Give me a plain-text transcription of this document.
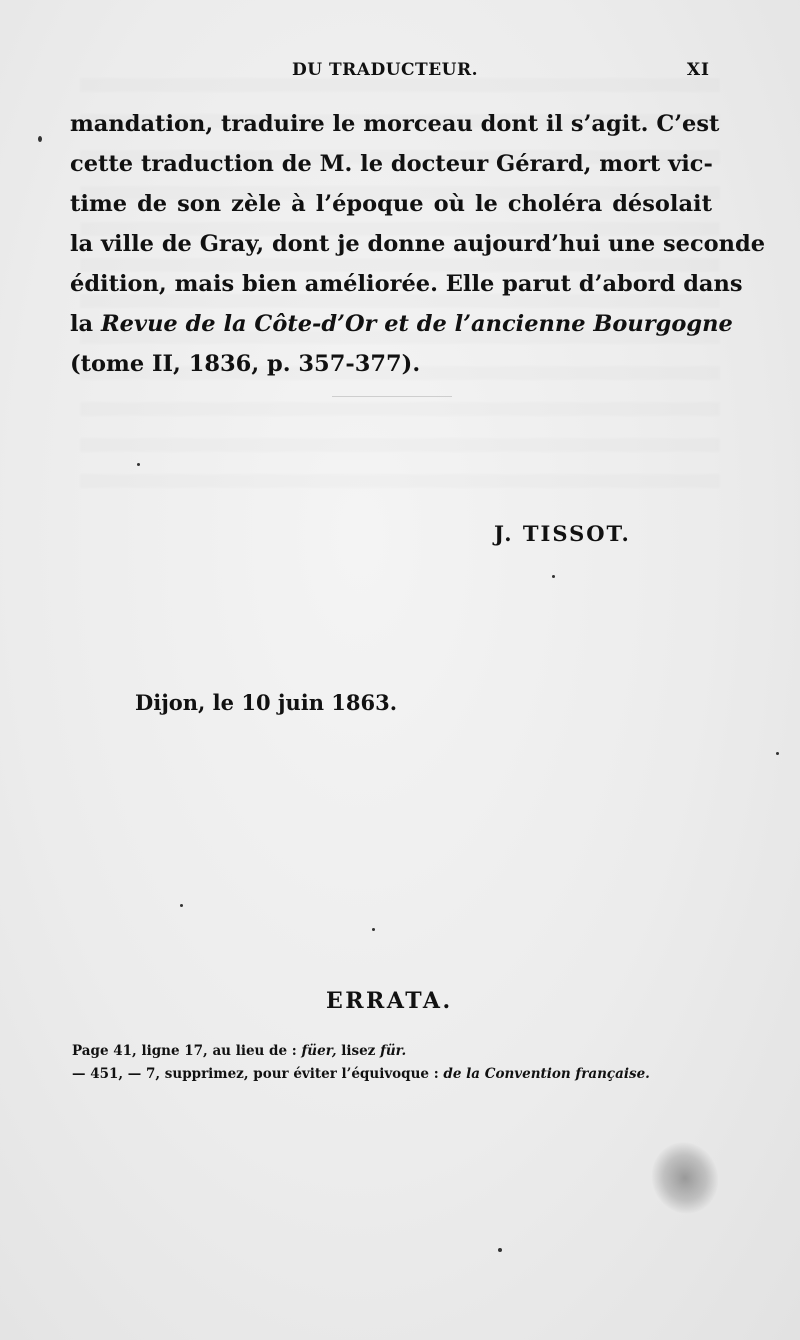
DU TRADUCTEUR.	XI
mandation, traduire le morceau dont il s’agit. C’est
cette traduction de M. le docteur Gérard, mort vic-
time de son zèle à l’époque où le choléra désolait
la ville de Gray, dont je donne aujourd’hui une seconde
édition, mais bien améliorée. Elle parut d’abord dans
la Revue de la Côte-d’Or et de l’ancienne Bourgogne
(tome II, 1836, p. 357-377).
J. TISSOT.
Dijon, le 10 juin 1863.
ERRATA.
Page 41, ligne 17, au lieu de : füer, lisez für.
— 451, — 7, supprimez, pour éviter l’équivoque : de la Convention française.
